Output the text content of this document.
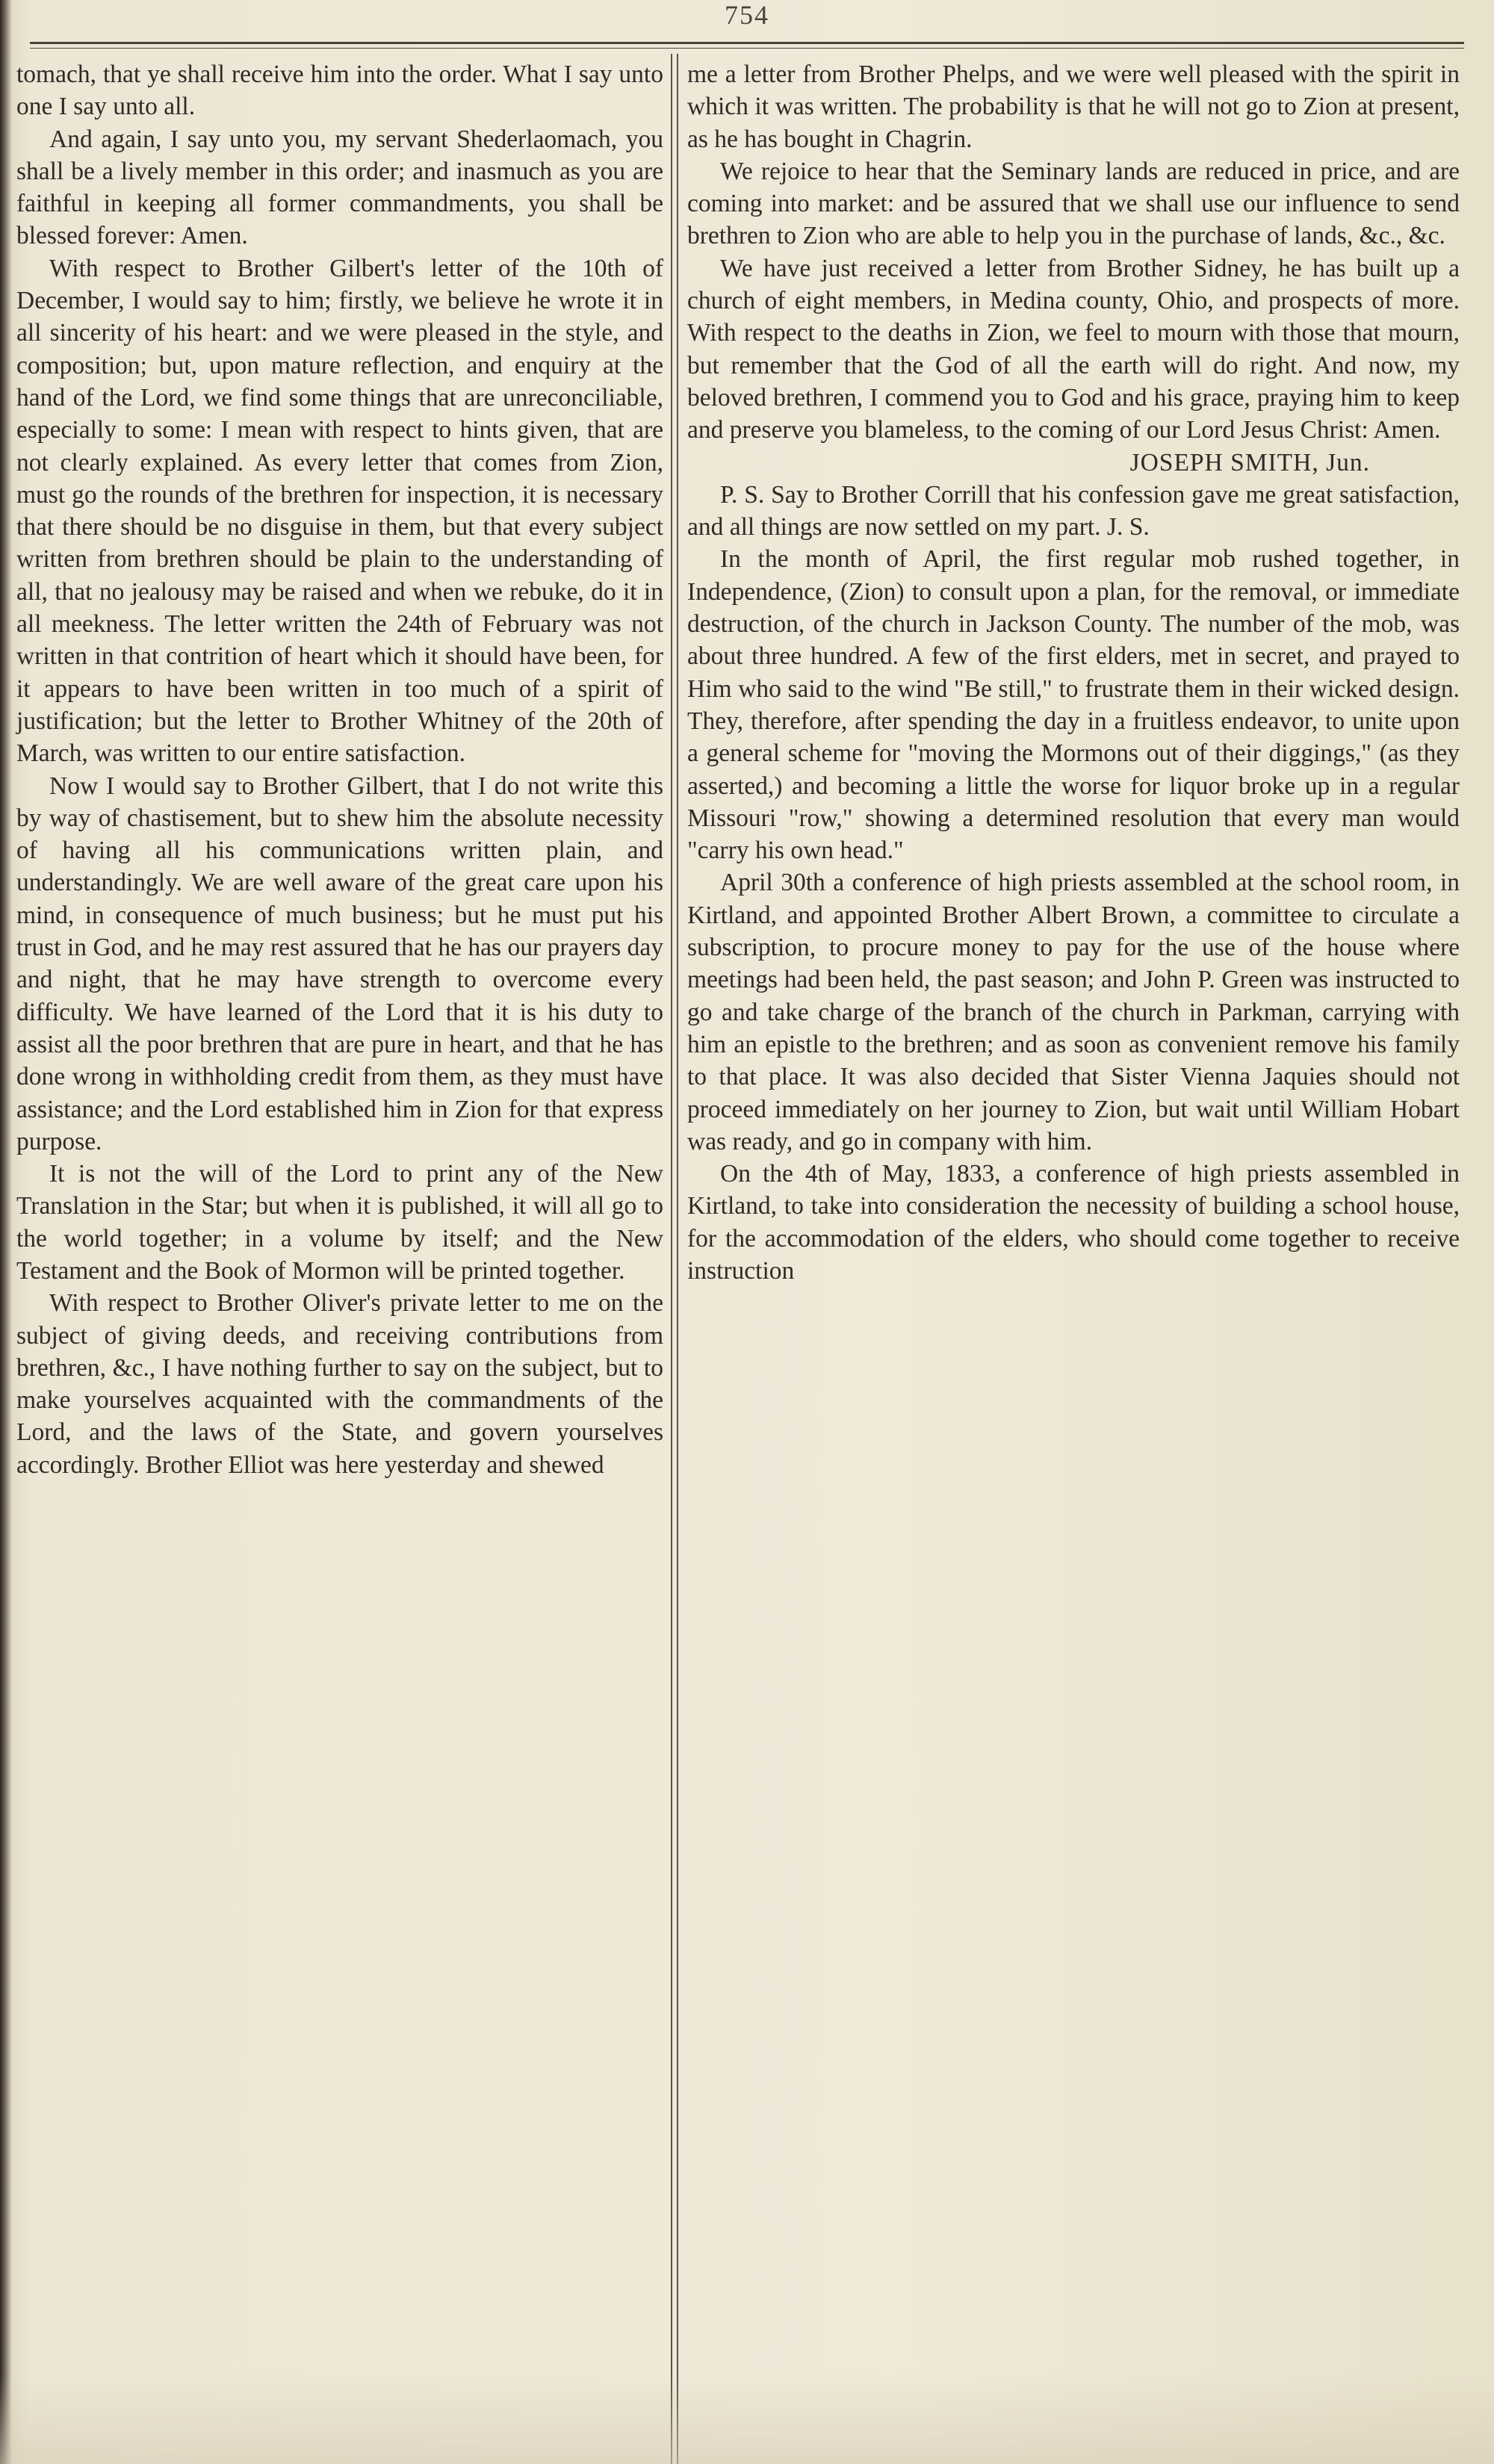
754

tomach, that ye shall receive him into the order. What I say unto one I say unto all.

And again, I say unto you, my servant Shederlaomach, you shall be a lively member in this order; and inasmuch as you are faithful in keeping all former commandments, you shall be blessed forever: Amen.

With respect to Brother Gilbert's letter of the 10th of December, I would say to him; firstly, we believe he wrote it in all sincerity of his heart: and we were pleased in the style, and composition; but, upon mature reflection, and enquiry at the hand of the Lord, we find some things that are unreconciliable, especially to some: I mean with respect to hints given, that are not clearly explained. As every letter that comes from Zion, must go the rounds of the brethren for inspection, it is necessary that there should be no disguise in them, but that every subject written from brethren should be plain to the understanding of all, that no jealousy may be raised and when we rebuke, do it in all meekness. The letter written the 24th of February was not written in that contrition of heart which it should have been, for it appears to have been written in too much of a spirit of justification; but the letter to Brother Whitney of the 20th of March, was written to our entire satisfaction.

Now I would say to Brother Gilbert, that I do not write this by way of chastisement, but to shew him the absolute necessity of having all his communications written plain, and understandingly. We are well aware of the great care upon his mind, in consequence of much business; but he must put his trust in God, and he may rest assured that he has our prayers day and night, that he may have strength to overcome every difficulty. We have learned of the Lord that it is his duty to assist all the poor brethren that are pure in heart, and that he has done wrong in withholding credit from them, as they must have assistance; and the Lord established him in Zion for that express purpose.

It is not the will of the Lord to print any of the New Translation in the Star; but when it is published, it will all go to the world together; in a volume by itself; and the New Testament and the Book of Mormon will be printed together.

With respect to Brother Oliver's private letter to me on the subject of giving deeds, and receiving contributions from brethren, &c., I have nothing further to say on the subject, but to make yourselves acquainted with the commandments of the Lord, and the laws of the State, and govern yourselves accordingly. Brother Elliot was here yesterday and shewed

me a letter from Brother Phelps, and we were well pleased with the spirit in which it was written. The probability is that he will not go to Zion at present, as he has bought in Chagrin.

We rejoice to hear that the Seminary lands are reduced in price, and are coming into market: and be assured that we shall use our influence to send brethren to Zion who are able to help you in the purchase of lands, &c., &c.

We have just received a letter from Brother Sidney, he has built up a church of eight members, in Medina county, Ohio, and prospects of more. With respect to the deaths in Zion, we feel to mourn with those that mourn, but remember that the God of all the earth will do right. And now, my beloved brethren, I commend you to God and his grace, praying him to keep and preserve you blameless, to the coming of our Lord Jesus Christ: Amen.

JOSEPH SMITH, Jun.

P. S. Say to Brother Corrill that his confession gave me great satisfaction, and all things are now settled on my part. J. S.

In the month of April, the first regular mob rushed together, in Independence, (Zion) to consult upon a plan, for the removal, or immediate destruction, of the church in Jackson County. The number of the mob, was about three hundred. A few of the first elders, met in secret, and prayed to Him who said to the wind "Be still," to frustrate them in their wicked design. They, therefore, after spending the day in a fruitless endeavor, to unite upon a general scheme for "moving the Mormons out of their diggings," (as they asserted,) and becoming a little the worse for liquor broke up in a regular Missouri "row," showing a determined resolution that every man would "carry his own head."

April 30th a conference of high priests assembled at the school room, in Kirtland, and appointed Brother Albert Brown, a committee to circulate a subscription, to procure money to pay for the use of the house where meetings had been held, the past season; and John P. Green was instructed to go and take charge of the branch of the church in Parkman, carrying with him an epistle to the brethren; and as soon as convenient remove his family to that place. It was also decided that Sister Vienna Jaquies should not proceed immediately on her journey to Zion, but wait until William Hobart was ready, and go in company with him.

On the 4th of May, 1833, a conference of high priests assembled in Kirtland, to take into consideration the necessity of building a school house, for the accommodation of the elders, who should come together to receive instruction
